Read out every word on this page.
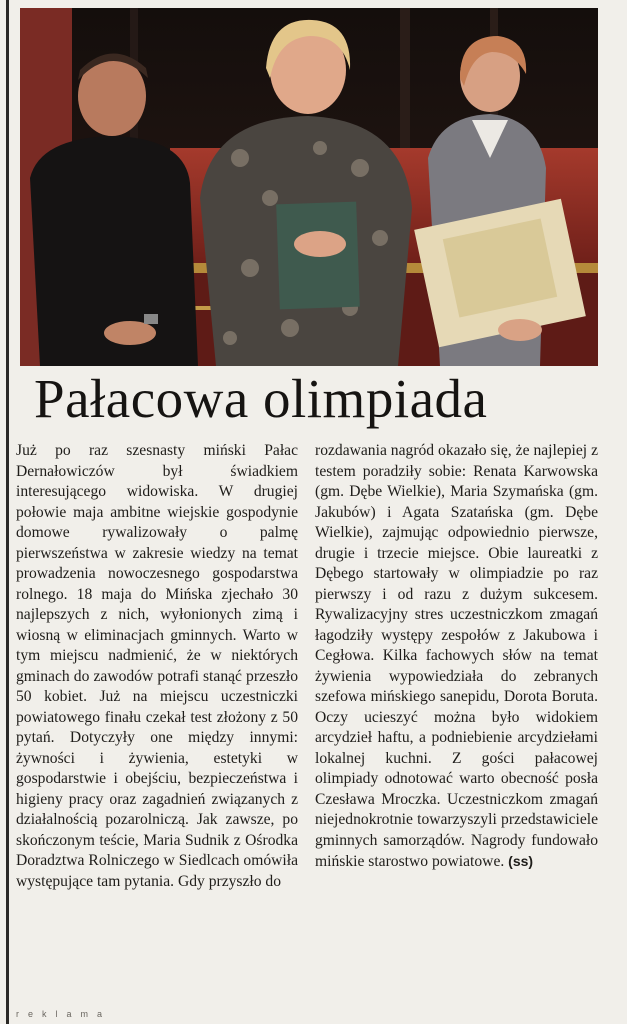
Pałacowa olimpiada

Już po raz szesnasty miński Pałac Dernałowiczów był świadkiem interesującego widowiska. W drugiej połowie maja ambitne wiejskie gospodynie domowe rywalizowały o palmę pierwszeństwa w zakresie wiedzy na temat prowadzenia nowoczesnego gospodarstwa rolnego. 18 maja do Mińska zjechało 30 najlepszych z nich, wyłonionych zimą i wiosną w eliminacjach gminnych. Warto w tym miejscu nadmienić, że w niektórych gminach do zawodów potrafi stanąć przeszło 50 kobiet. Już na miejscu uczestniczki powiatowego finału czekał test złożony z 50 pytań. Dotyczyły one między innymi: żywności i żywienia, estetyki w gospodarstwie i obejściu, bezpieczeństwa i higieny pracy oraz zagadnień związanych z działalnością pozarolniczą. Jak zawsze, po skończonym teście, Maria Sudnik z Ośrodka Doradztwa Rolniczego w Siedlcach omówiła występujące tam pytania. Gdy przyszło do

rozdawania nagród okazało się, że najlepiej z testem poradziły sobie: Renata Karwowska (gm. Dębe Wielkie), Maria Szymańska (gm. Jakubów) i Agata Szatańska (gm. Dębe Wielkie), zajmując odpowiednio pierwsze, drugie i trzecie miejsce. Obie laureatki z Dębego startowały w olimpiadzie po raz pierwszy i od razu z dużym sukcesem. Rywalizacyjny stres uczestniczkom zmagań łagodziły występy zespołów z Jakubowa i Cegłowa. Kilka fachowych słów na temat żywienia wypowiedziała do zebranych szefowa mińskiego sanepidu, Dorota Boruta. Oczy ucieszyć można było widokiem arcydzieł haftu, a podniebienie arcydziełami lokalnej kuchni. Z gości pałacowej olimpiady odnotować warto obecność posła Czesława Mroczka. Uczestniczkom zmagań niejednokrotnie towarzyszyli przedstawiciele gminnych samorządów. Nagrody fundowało mińskie starostwo powiatowe. (ss)

reklama
